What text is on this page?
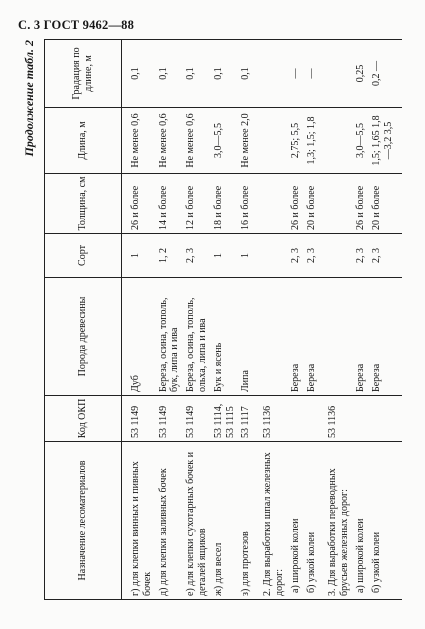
С. 3 ГОСТ 9462—88
Продолжение табл. 2
Назначение лесоматериалов	Код ОКП	Порода древесины	Сорт	Толщина, см	Длина, м	Градация по длине, м

г) для клепки винных и пивных бочек	53 1149	Дуб	1	26 и более	Не менее 0,6	0,1
д) для клепки заливных бочек	53 1149	Береза, осина, тополь, бук, липа и ива	1, 2	14 и более	Не менее 0,6	0,1
е) для клепки сухотарных бочек и деталей ящиков	53 1149	Береза, осина, тополь, ольха, липа и ива	2, 3	12 и более	Не менее 0,6	0,1
ж) для весел	53 1114, 53 1115	Бук и ясень	1	18 и более	3,0—5,5	0,1
з) для протезов	53 1117	Липа	1	16 и более	Не менее 2,0	0,1

2. Для выработки шпал железных дорог:	53 1136					
а) широкой колеи		Береза	2, 3	26 и более	2,75; 5,5	—
б) узкой колеи		Береза	2, 3	20 и более	1,3; 1,5; 1,8	—

3. Для выработки переводных брусьев железных дорог:	53 1136					
а) широкой колеи		Береза	2, 3	26 и более	3,0—5,5	0,25
б) узкой колеи		Береза	2, 3	20 и более	1,5; 1,65 1,8—3,2 3,5	0,2 —
